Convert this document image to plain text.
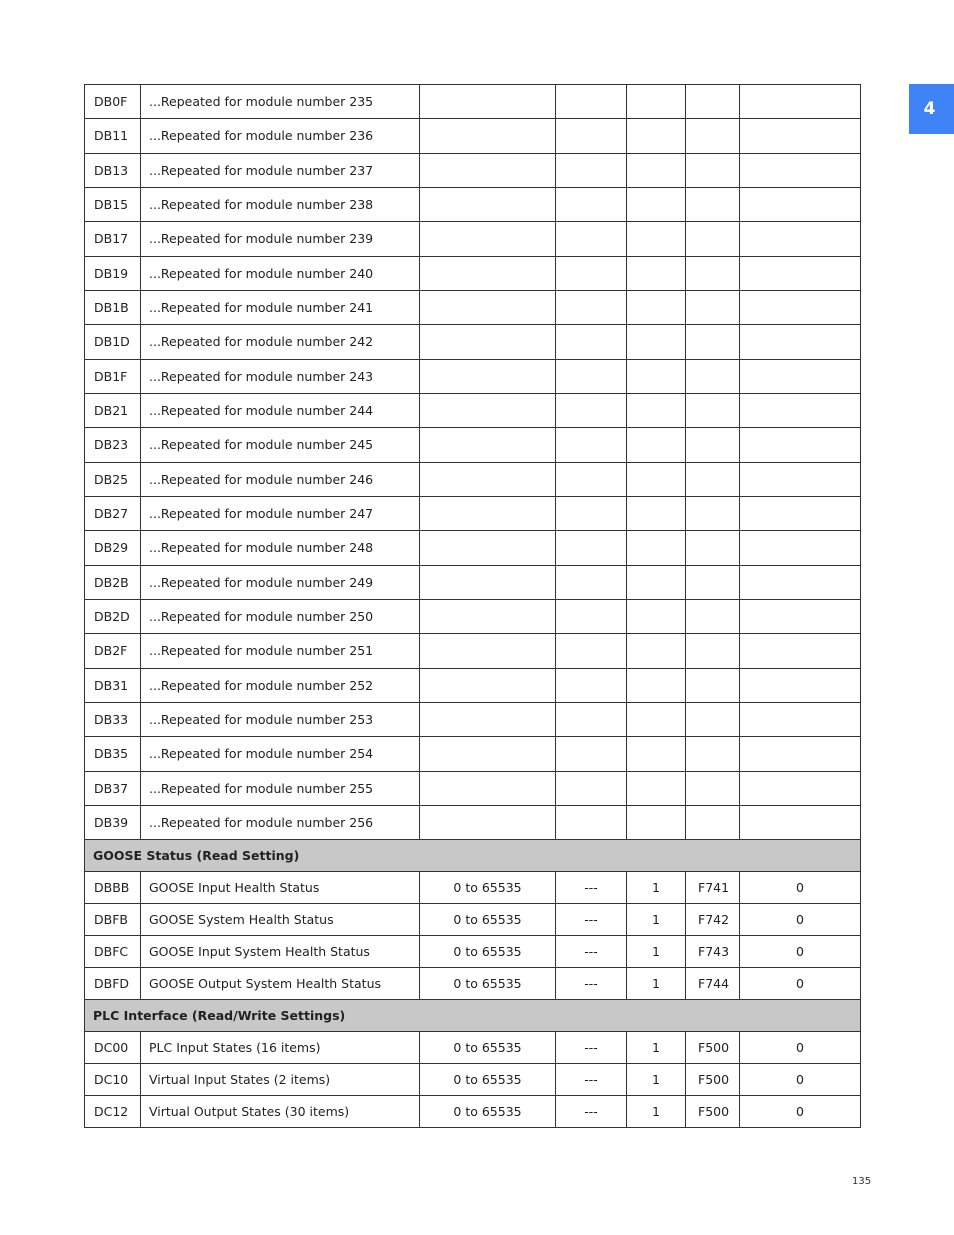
4
DB0F	...Repeated for module number 235					
DB11	...Repeated for module number 236					
DB13	...Repeated for module number 237					
DB15	...Repeated for module number 238					
DB17	...Repeated for module number 239					
DB19	...Repeated for module number 240					
DB1B	...Repeated for module number 241					
DB1D	...Repeated for module number 242					
DB1F	...Repeated for module number 243					
DB21	...Repeated for module number 244					
DB23	...Repeated for module number 245					
DB25	...Repeated for module number 246					
DB27	...Repeated for module number 247					
DB29	...Repeated for module number 248					
DB2B	...Repeated for module number 249					
DB2D	...Repeated for module number 250					
DB2F	...Repeated for module number 251					
DB31	...Repeated for module number 252					
DB33	...Repeated for module number 253					
DB35	...Repeated for module number 254					
DB37	...Repeated for module number 255					
DB39	...Repeated for module number 256					
GOOSE Status (Read Setting)						
DBBB	GOOSE Input Health Status	0 to 65535	---	1	F741	0
DBFB	GOOSE System Health Status	0 to 65535	---	1	F742	0
DBFC	GOOSE Input System Health Status	0 to 65535	---	1	F743	0
DBFD	GOOSE Output System Health Status	0 to 65535	---	1	F744	0
PLC Interface (Read/Write Settings)						
DC00	PLC Input States (16 items)	0 to 65535	---	1	F500	0
DC10	Virtual Input States (2 items)	0 to 65535	---	1	F500	0
DC12	Virtual Output States (30 items)	0 to 65535	---	1	F500	0
135
